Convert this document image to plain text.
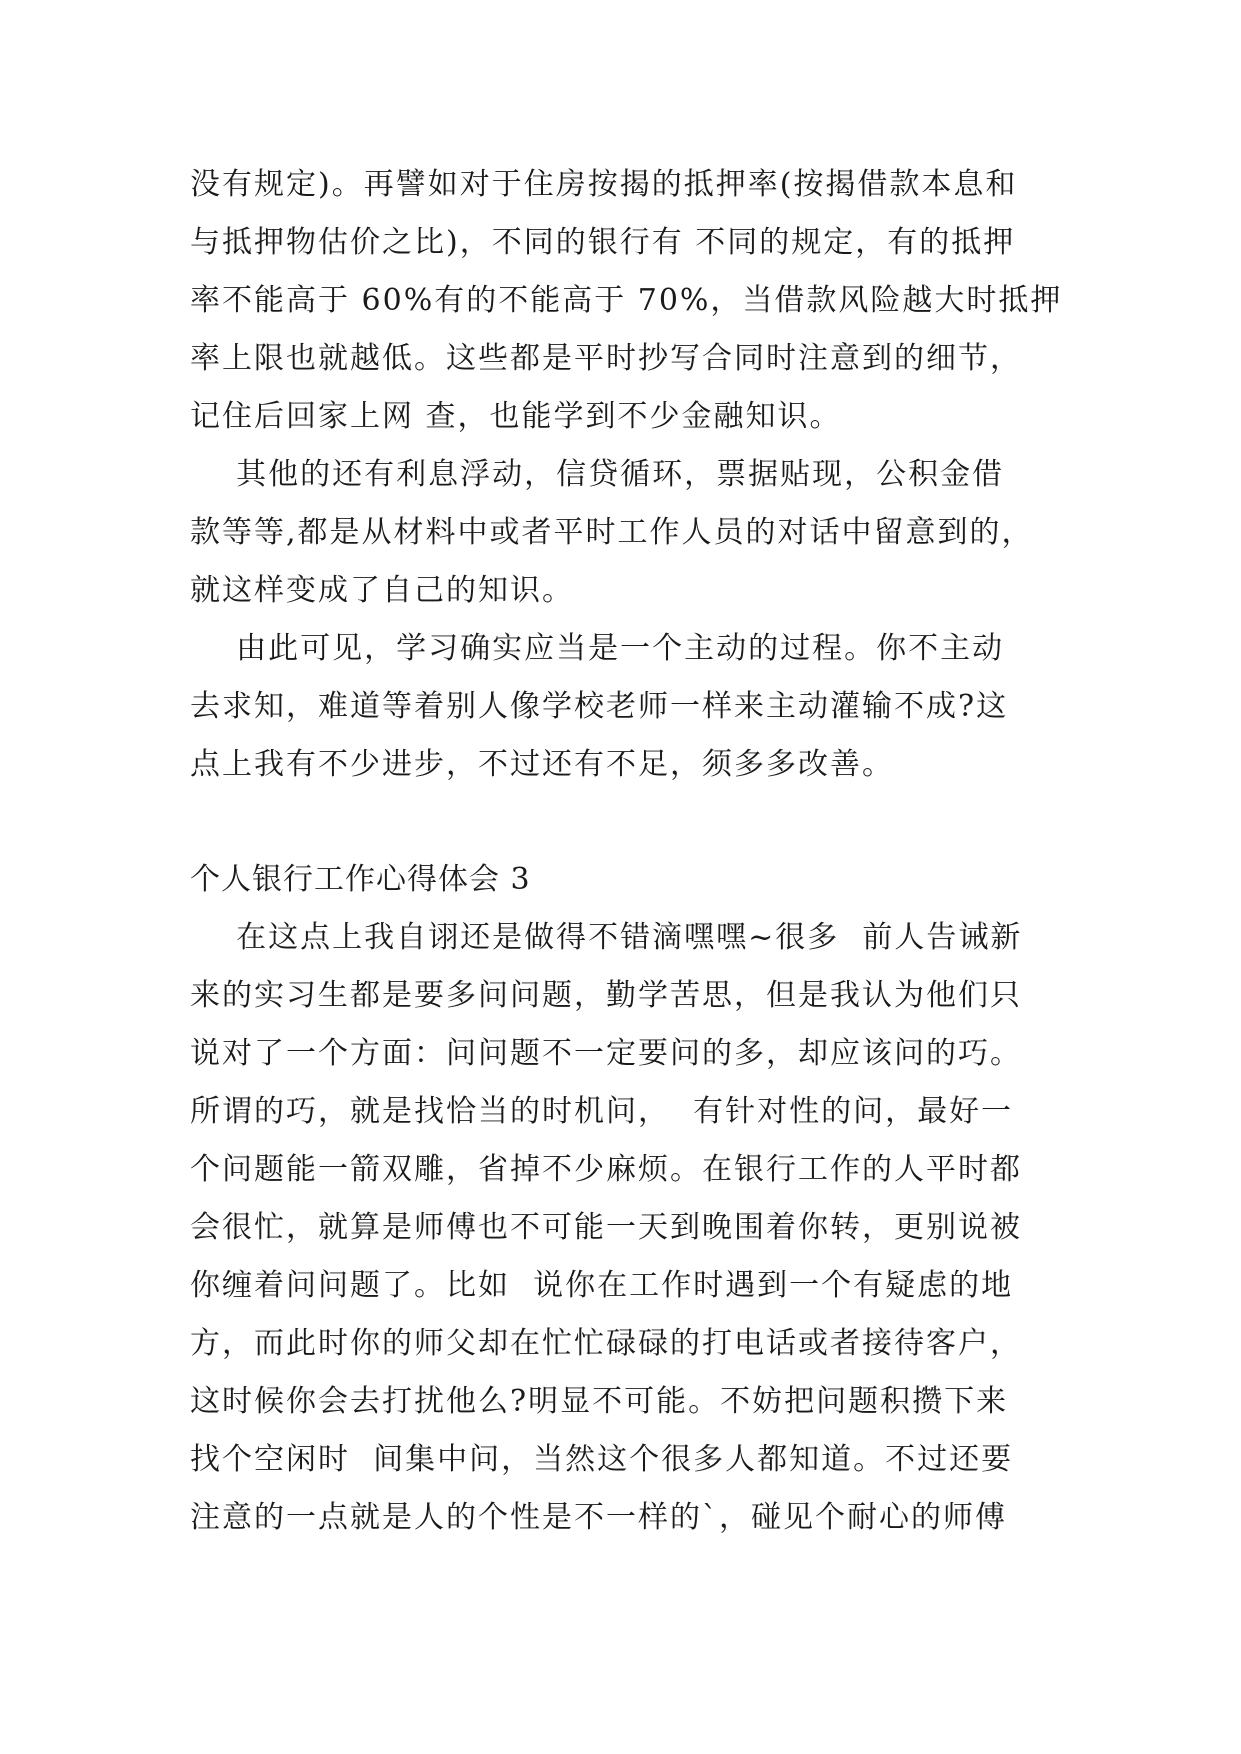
没有规定)。再譬如对于住房按揭的抵押率(按揭借款本息和
与抵押物估价之比)，不同的银行有 不同的规定，有的抵押
率不能高于 60%有的不能高于 70%，当借款风险越大时抵押
率上限也就越低。这些都是平时抄写合同时注意到的细节，
记住后回家上网 查，也能学到不少金融知识。
其他的还有利息浮动，信贷循环，票据贴现，公积金借
款等等,都是从材料中或者平时工作人员的对话中留意到的，
就这样变成了自己的知识。
由此可见，学习确实应当是一个主动的过程。你不主动
去求知，难道等着别人像学校老师一样来主动灌输不成?这
点上我有不少进步，不过还有不足，须多多改善。
个人银行工作心得体会 3
在这点上我自诩还是做得不错滴嘿嘿~很多  前人告诫新
来的实习生都是要多问问题，勤学苦思，但是我认为他们只
说对了一个方面：问问题不一定要问的多，却应该问的巧。
所谓的巧，就是找恰当的时机问，  有针对性的问，最好一
个问题能一箭双雕，省掉不少麻烦。在银行工作的人平时都
会很忙，就算是师傅也不可能一天到晚围着你转，更别说被
你缠着问问题了。比如  说你在工作时遇到一个有疑虑的地
方，而此时你的师父却在忙忙碌碌的打电话或者接待客户，
这时候你会去打扰他么?明显不可能。不妨把问题积攒下来
找个空闲时  间集中问，当然这个很多人都知道。不过还要
注意的一点就是人的个性是不一样的`，碰见个耐心的师傅
